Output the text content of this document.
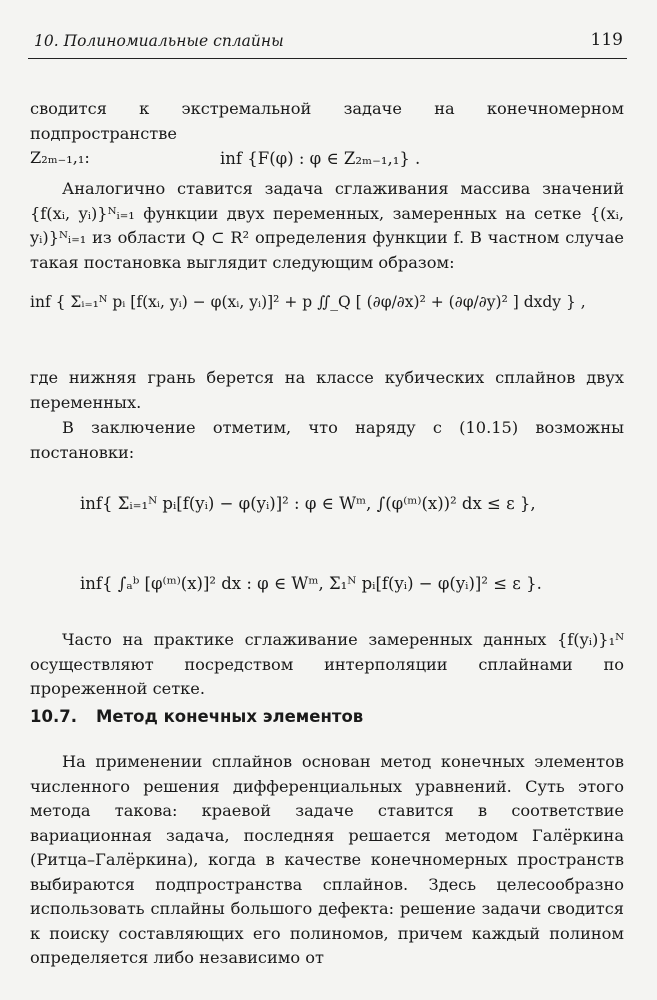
10. Полиномиальные сплайны	119

сводится к экстремальной задаче на конечномерном подпространстве
Z₂ₘ₋₁,₁:	inf {F(φ) : φ ∈ Z₂ₘ₋₁,₁} .

Аналогично ставится задача сглаживания массива значений {f(xᵢ, yᵢ)}ᴺᵢ₌₁ функции двух переменных, замеренных на сетке {(xᵢ, yᵢ)}ᴺᵢ₌₁ из области Q ⊂ R² определения функции f. В частном случае такая постановка выглядит следующим образом:

inf { Σᵢ₌₁ᴺ pᵢ [f(xᵢ, yᵢ) − φ(xᵢ, yᵢ)]² + p ∬_Q [ (∂φ/∂x)² + (∂φ/∂y)² ] dxdy } ,

где нижняя грань берется на классе кубических сплайнов двух переменных.

В заключение отметим, что наряду с (10.15) возможны постановки:

inf{ Σᵢ₌₁ᴺ pᵢ[f(yᵢ) − φ(yᵢ)]² : φ ∈ Wᵐ, ∫(φ⁽ᵐ⁾(x))² dx ≤ ε },
inf{ ∫ₐᵇ [φ⁽ᵐ⁾(x)]² dx : φ ∈ Wᵐ, Σ₁ᴺ pᵢ[f(yᵢ) − φ(yᵢ)]² ≤ ε }.

Часто на практике сглаживание замеренных данных {f(yᵢ)}₁ᴺ осуществляют посредством интерполяции сплайнами по прореженной сетке.

10.7. Метод конечных элементов

На применении сплайнов основан метод конечных элементов численного решения дифференциальных уравнений. Суть этого метода такова: краевой задаче ставится в соответствие вариационная задача, последняя решается методом Галёркина (Ритца–Галёркина), когда в качестве конечномерных пространств выбираются подпространства сплайнов. Здесь целесообразно использовать сплайны большого дефекта: решение задачи сводится к поиску составляющих его полиномов, причем каждый полином определяется либо независимо от
